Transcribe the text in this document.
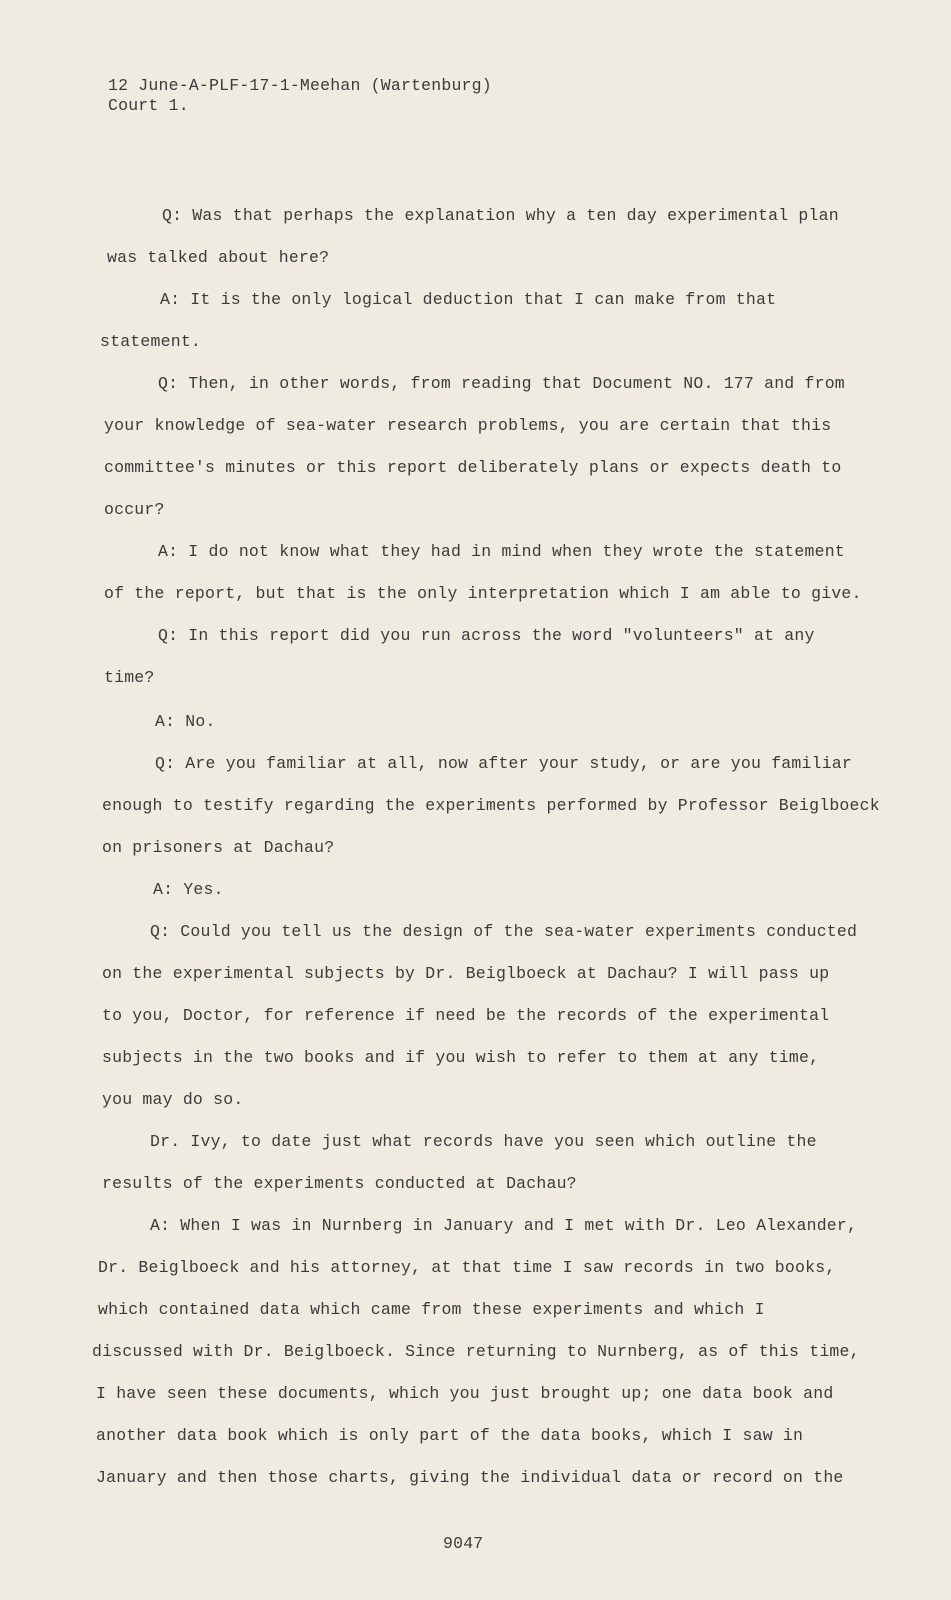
12 June-A-PLF-17-1-Meehan (Wartenburg)
Court 1.
Q: Was that perhaps the explanation why a ten day experimental plan
was talked about here?
A: It is the only logical deduction that I can make from that
statement.
Q: Then, in other words, from reading that Document NO. 177 and from
your knowledge of sea-water research problems, you are certain that this
committee's minutes or this report deliberately plans or expects death to
occur?
A: I do not know what they had in mind when they wrote the statement
of the report, but that is the only interpretation which I am able to give.
Q: In this report did you run across the word "volunteers" at any
time?
A: No.
Q: Are you familiar at all, now after your study, or are you familiar
enough to testify regarding the experiments performed by Professor Beiglboeck
on prisoners at Dachau?
A: Yes.
Q: Could you tell us the design of the sea-water experiments conducted
on the experimental subjects by Dr. Beiglboeck at Dachau? I will pass up
to you, Doctor, for reference if need be the records of the experimental
subjects in the two books and if you wish to refer to them at any time,
you may do so.
Dr. Ivy, to date just what records have you seen which outline the
results of the experiments conducted at Dachau?
A: When I was in Nurnberg in January and I met with Dr. Leo Alexander,
Dr. Beiglboeck and his attorney, at that time I saw records in two books,
which contained data which came from these experiments and which I
discussed with Dr. Beiglboeck. Since returning to Nurnberg, as of this time,
I have seen these documents, which you just brought up; one data book and
another data book which is only part of the data books, which I saw in
January and then those charts, giving the individual data or record on the
9047
